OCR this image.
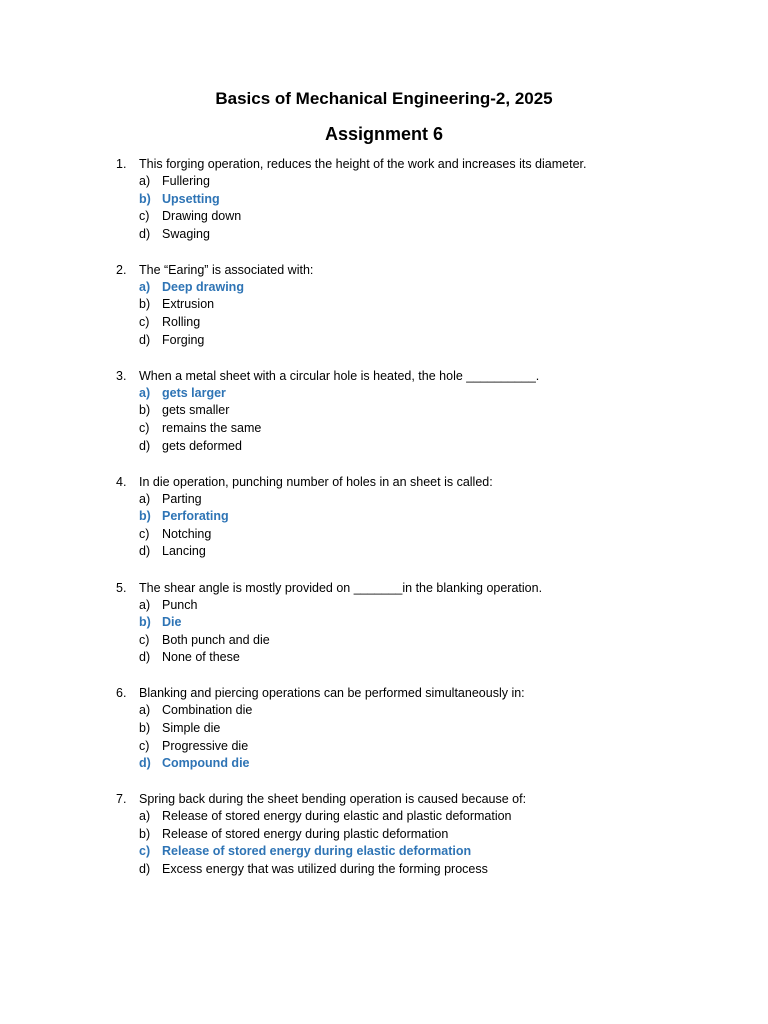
Basics of Mechanical Engineering-2, 2025
Assignment 6
1. This forging operation, reduces the height of the work and increases its diameter.
a) Fullering
b) Upsetting
c) Drawing down
d) Swaging
2. The “Earing” is associated with:
a) Deep drawing
b) Extrusion
c) Rolling
d) Forging
3. When a metal sheet with a circular hole is heated, the hole __________.
a) gets larger
b) gets smaller
c) remains the same
d) gets deformed
4. In die operation, punching number of holes in an sheet is called:
a) Parting
b) Perforating
c) Notching
d) Lancing
5. The shear angle is mostly provided on _______in the blanking operation.
a) Punch
b) Die
c) Both punch and die
d) None of these
6. Blanking and piercing operations can be performed simultaneously in:
a) Combination die
b) Simple die
c) Progressive die
d) Compound die
7. Spring back during the sheet bending operation is caused because of:
a) Release of stored energy during elastic and plastic deformation
b) Release of stored energy during plastic deformation
c) Release of stored energy during elastic deformation
d) Excess energy that was utilized during the forming process
